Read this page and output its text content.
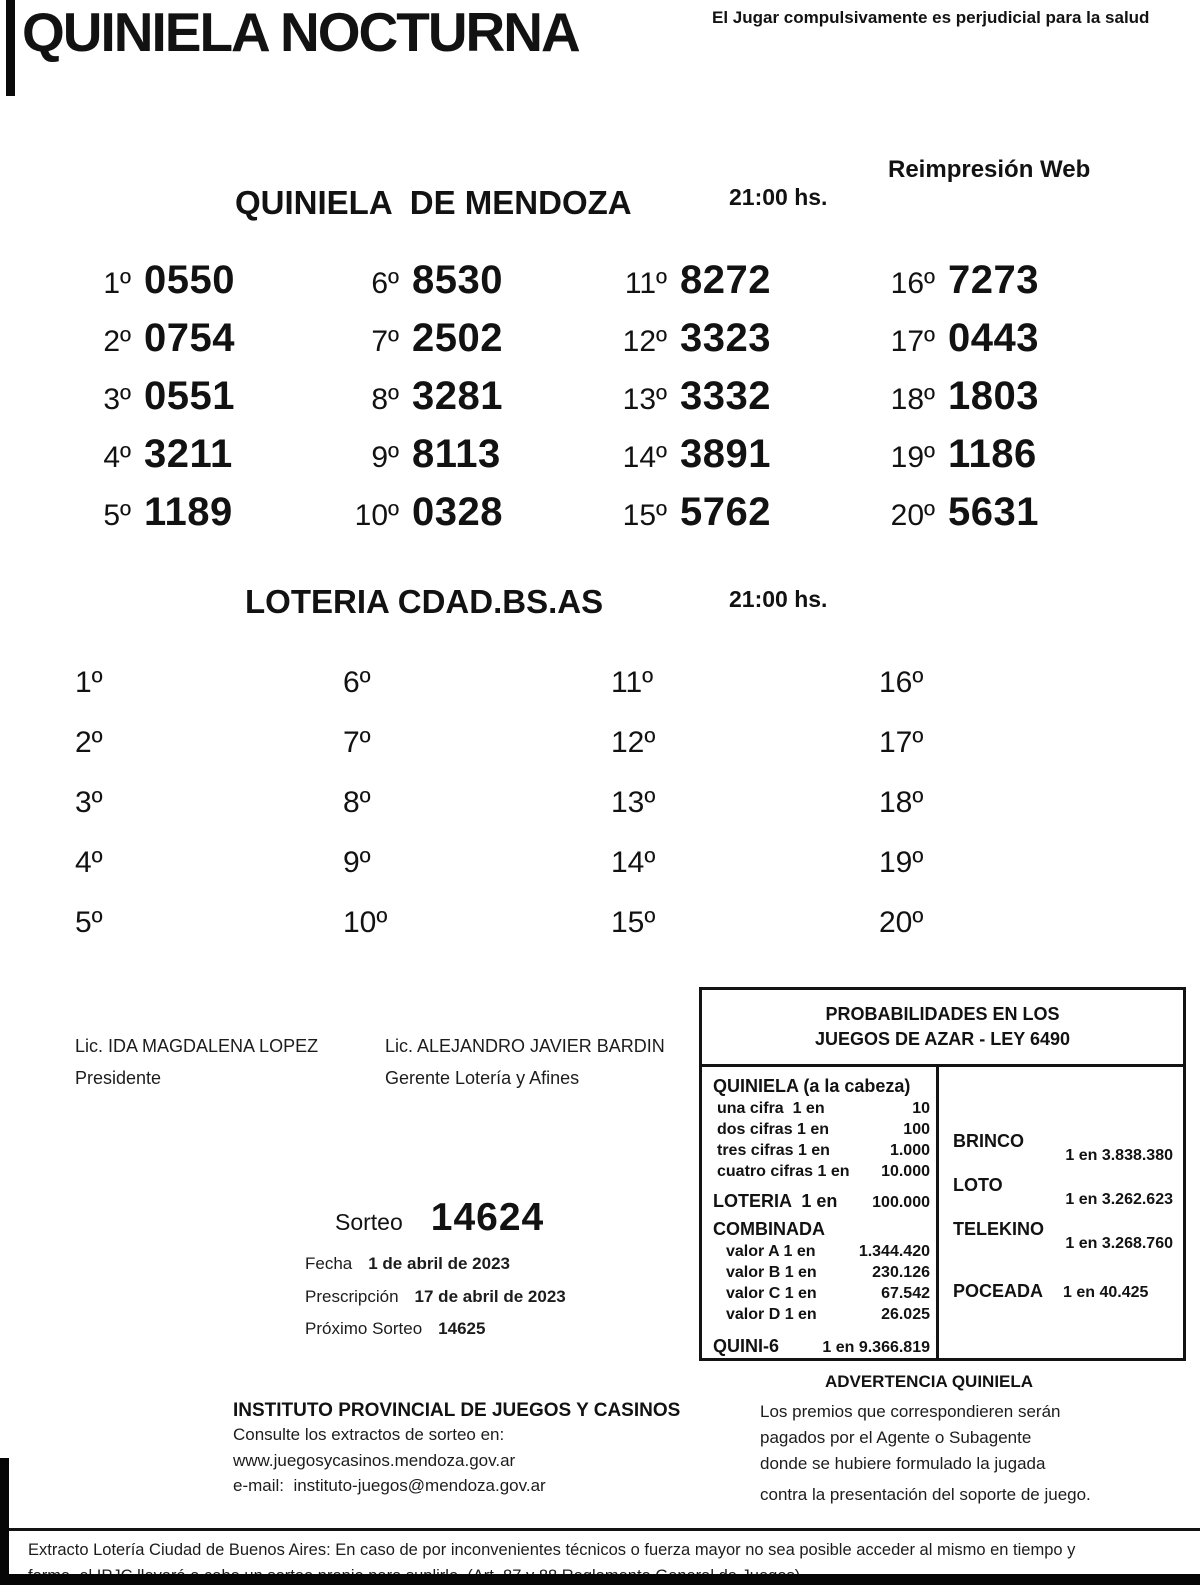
QUINIELA NOCTURNA	El Jugar compulsivamente es perjudicial para la salud
QUINIELA  DE MENDOZA	21:00 hs.
Reimpresión Web
1º 0550
2º 0754
3º 0551
4º 3211
5º 1189
6º 8530
7º 2502
8º 3281
9º 8113
10º 0328
11º 8272
12º 3323
13º 3332
14º 3891
15º 5762
16º 7273
17º 0443
18º 1803
19º 1186
20º 5631
LOTERIA CDAD.BS.AS	21:00 hs.
1º
2º
3º
4º
5º
6º
7º
8º
9º
10º
11º
12º
13º
14º
15º
16º
17º
18º
19º
20º
Lic. IDA MAGDALENA LOPEZ
Presidente
Lic. ALEJANDRO JAVIER BARDIN
Gerente Lotería y Afines
Sorteo 14624
Fecha 1 de abril de 2023
Prescripción 17 de abril de 2023
Próximo Sorteo 14625
PROBABILIDADES EN LOS
JUEGOS DE AZAR - LEY 6490
QUINIELA (a la cabeza)
una cifra  1 en	10
dos cifras 1 en	100
tres cifras 1 en	1.000
cuatro cifras 1 en 10.000
LOTERIA  1 en 100.000
COMBINADA
valor A 1 en	1.344.420
valor B 1 en	230.126
valor C 1 en	67.542
valor D 1 en	26.025
QUINI-6	1 en 9.366.819
BRINCO
1 en 3.838.380
LOTO
1 en 3.262.623
TELEKINO
1 en 3.268.760
POCEADA 1 en 40.425
INSTITUTO PROVINCIAL DE JUEGOS Y CASINOS
Consulte los extractos de sorteo en:
www.juegosycasinos.mendoza.gov.ar
e-mail:  instituto-juegos@mendoza.gov.ar
ADVERTENCIA QUINIELA
Los premios que correspondieren serán
pagados por el Agente o Subagente
donde se hubiere formulado la jugada
contra la presentación del soporte de juego.
Extracto Lotería Ciudad de Buenos Aires: En caso de por inconvenientes técnicos o fuerza mayor no sea posible acceder al mismo en tiempo y
